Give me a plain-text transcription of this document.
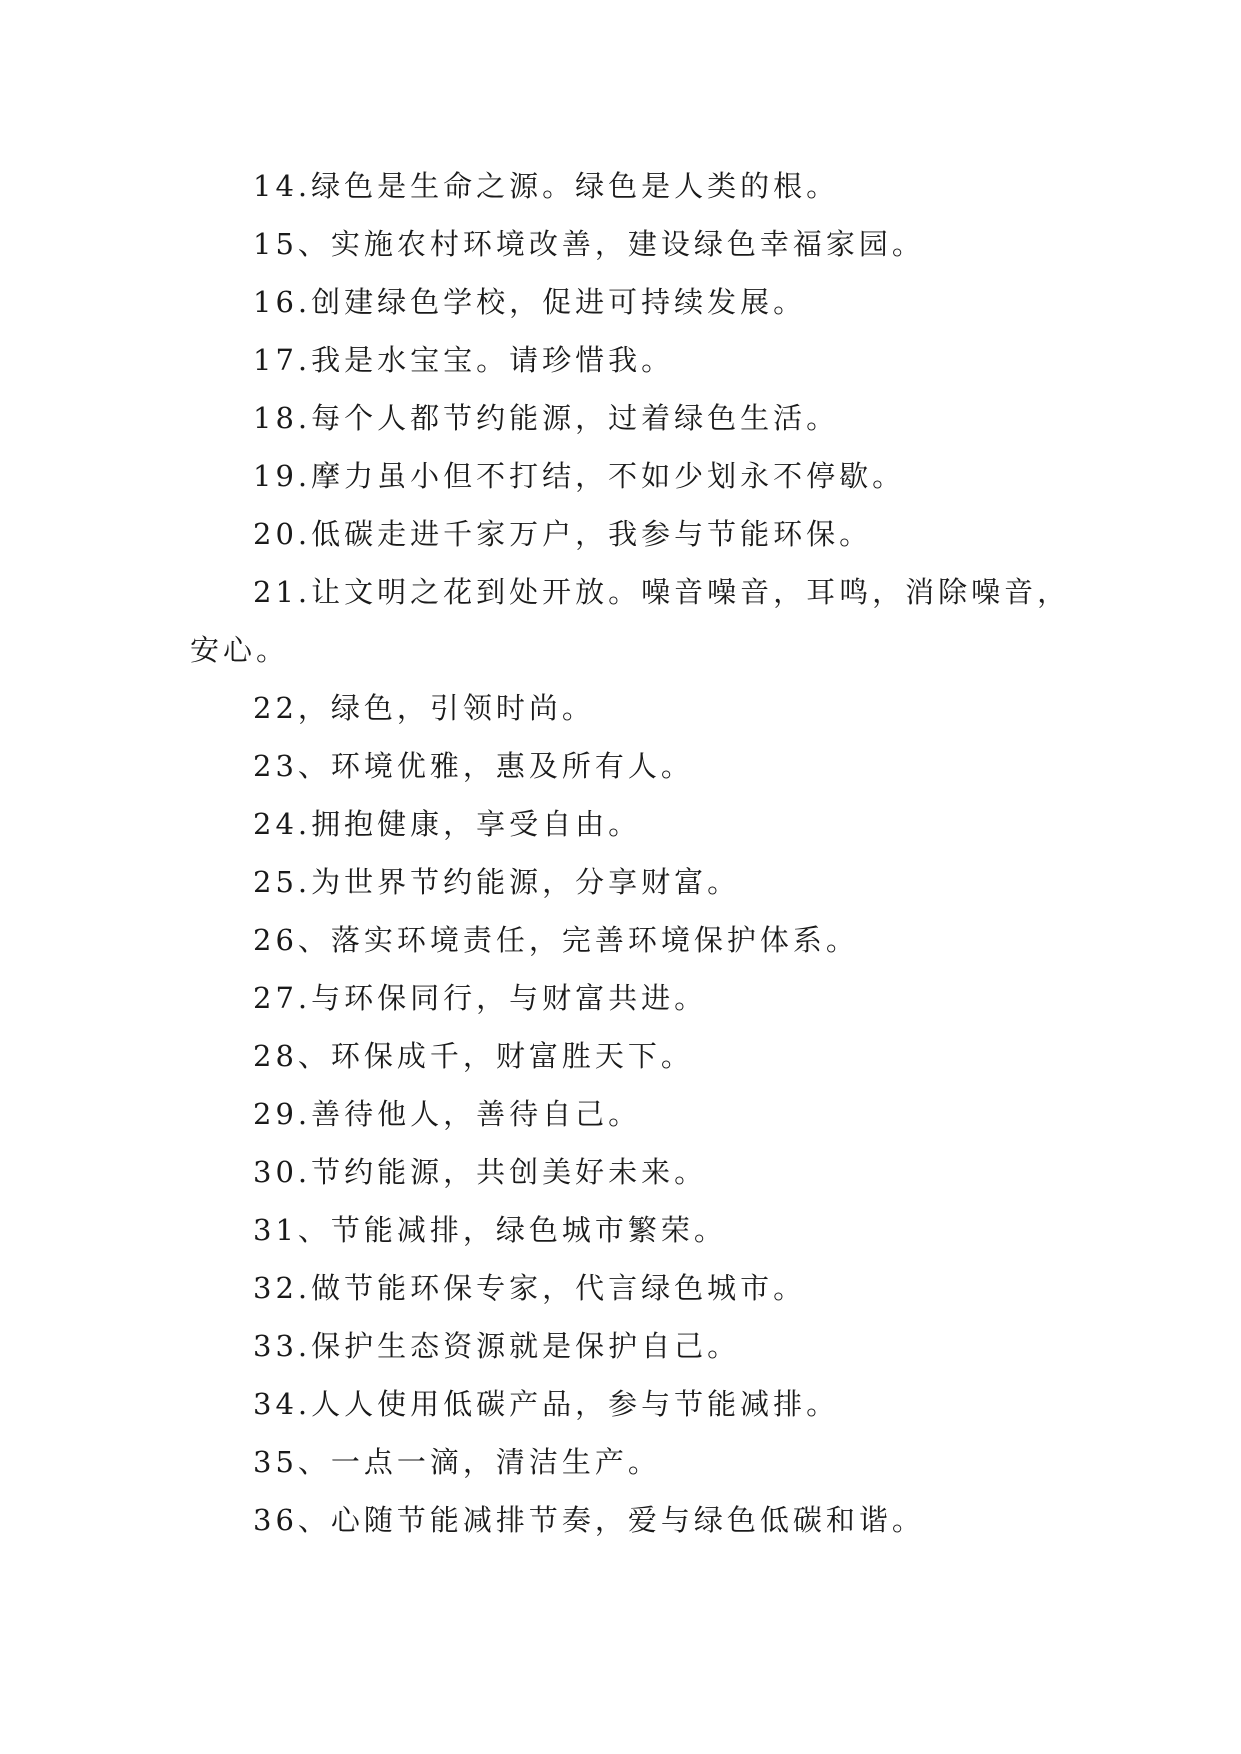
14.绿色是生命之源。绿色是人类的根。

15、实施农村环境改善，建设绿色幸福家园。

16.创建绿色学校，促进可持续发展。

17.我是水宝宝。请珍惜我。

18.每个人都节约能源，过着绿色生活。

19.摩力虽小但不打结，不如少划永不停歇。

20.低碳走进千家万户，我参与节能环保。

21.让文明之花到处开放。噪音噪音，耳鸣，消除噪音，安心。

22，绿色，引领时尚。

23、环境优雅，惠及所有人。

24.拥抱健康，享受自由。

25.为世界节约能源，分享财富。

26、落实环境责任，完善环境保护体系。

27.与环保同行，与财富共进。

28、环保成千，财富胜天下。

29.善待他人，善待自己。

30.节约能源，共创美好未来。

31、节能减排，绿色城市繁荣。

32.做节能环保专家，代言绿色城市。

33.保护生态资源就是保护自己。

34.人人使用低碳产品，参与节能减排。

35、一点一滴，清洁生产。

36、心随节能减排节奏，爱与绿色低碳和谐。
